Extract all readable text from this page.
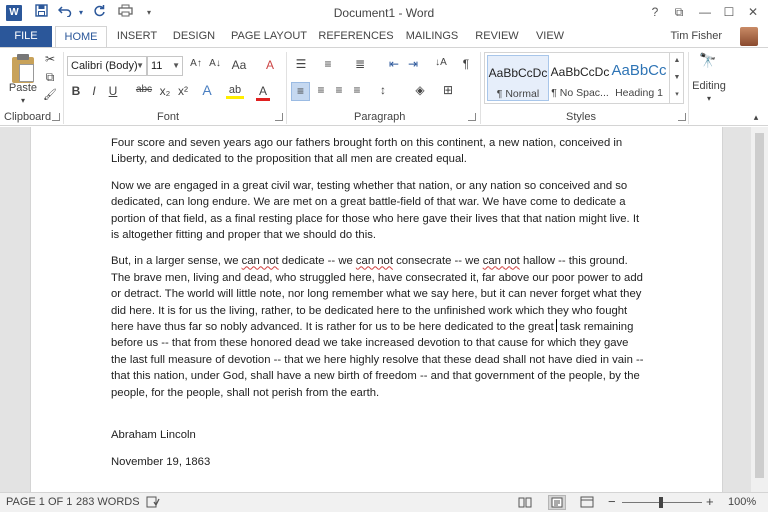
W	▾	▾	Document1 - Word	?	⧉	—	☐	✕
FILE	HOME	INSERT	DESIGN	PAGE LAYOUT REFERENCES	MAILINGS	REVIEW	VIEW	Tim Fisher
Paste
▾
✂
⧉
🖌
Clipboard
Calibri (Body)
▼ 11 ▼	A↑ A↓ Aa	A
B	I	U	abc x₂ x²	A	ab A
Font
☰	≡	≣ ⇤ ⇥ ↓A	¶
≡	≡ ≡ ≡	↕	◈ ⊞
Paragraph
AaBbCcDc
¶ Normal
AaBbCcDc
¶ No Spac...
AaBbCc
Heading 1
▲
▼
▾
Styles
🔭
Editing
▾
▴

Four score and seven years ago our fathers brought forth on this continent, a new nation, conceived in Liberty, and dedicated to the proposition that all men are created equal.

Now we are engaged in a great civil war, testing whether that nation, or any nation so conceived and so dedicated, can long endure. We are met on a great battle-field of that war. We have come to dedicate a portion of that field, as a final resting place for those who here gave their lives that that nation might live. It is altogether fitting and proper that we should do this.

But, in a larger sense, we can not dedicate -- we can not consecrate -- we can not hallow -- this ground. The brave men, living and dead, who struggled here, have consecrated it, far above our poor power to add or detract. The world will little note, nor long remember what we say here, but it can never forget what they did here. It is for us the living, rather, to be dedicated here to the unfinished work which they who fought here have thus far so nobly advanced. It is rather for us to be here dedicated to the great task remaining before us -- that from these honored dead we take increased devotion to that cause for which they gave the last full measure of devotion -- that we here highly resolve that these dead shall not have died in vain -- that this nation, under God, shall have a new birth of freedom -- and that government of the people, by the people, for the people, shall not perish from the earth.

Abraham Lincoln

November 19, 1863

PAGE 1 OF 1 283 WORDS	−	+ 100%
